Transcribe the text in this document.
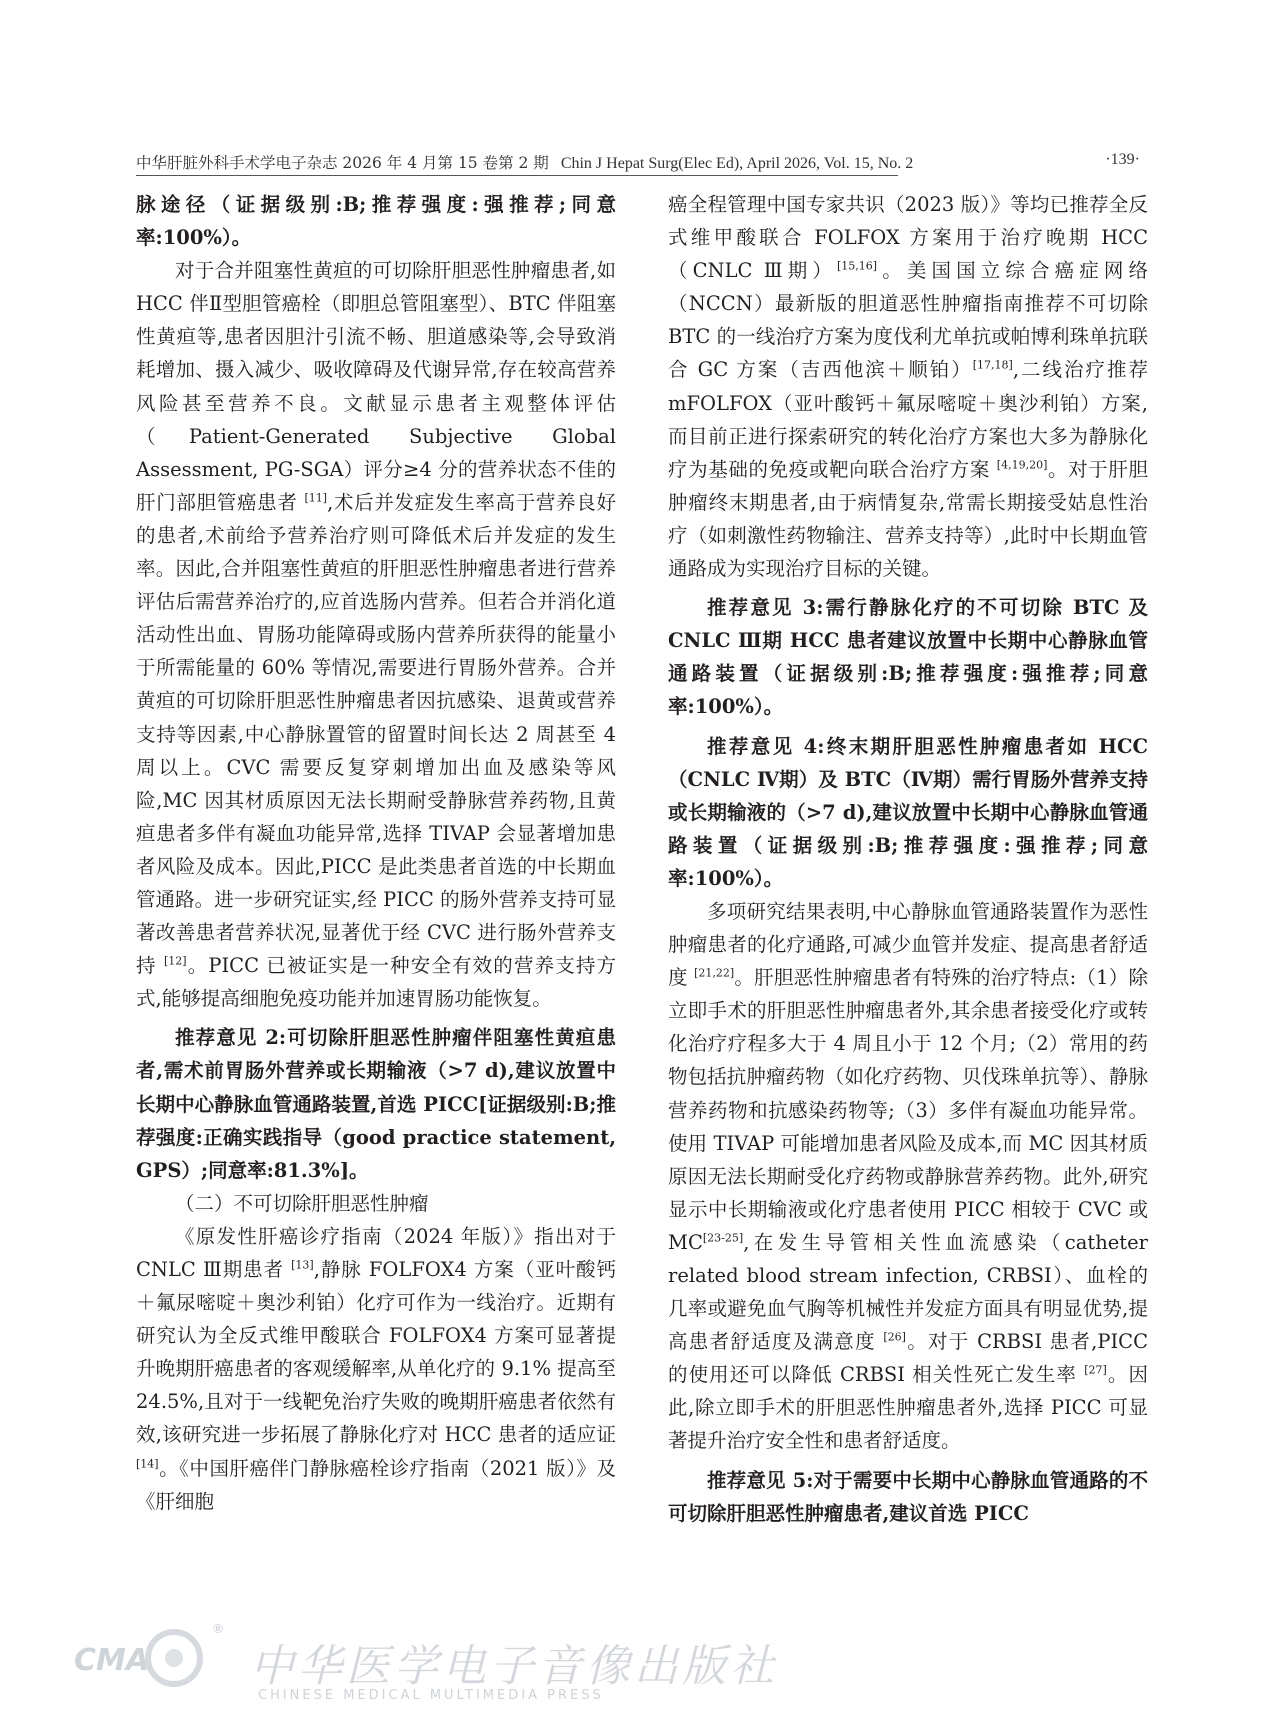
中华肝脏外科手术学电子杂志 2026 年 4 月第 15 卷第 2 期 Chin J Hepat Surg(Elec Ed), April 2026, Vol. 15, No. 2	·139·

脉途径（证据级别:B;推荐强度:强推荐;同意率:100%）。

对于合并阻塞性黄疸的可切除肝胆恶性肿瘤患者,如 HCC 伴Ⅱ型胆管癌栓（即胆总管阻塞型）、BTC 伴阻塞性黄疸等,患者因胆汁引流不畅、胆道感染等,会导致消耗增加、摄入减少、吸收障碍及代谢异常,存在较高营养风险甚至营养不良。文献显示患者主观整体评估（Patient-Generated Subjective Global Assessment, PG-SGA）评分≥4 分的营养状态不佳的肝门部胆管癌患者 [11],术后并发症发生率高于营养良好的患者,术前给予营养治疗则可降低术后并发症的发生率。因此,合并阻塞性黄疸的肝胆恶性肿瘤患者进行营养评估后需营养治疗的,应首选肠内营养。但若合并消化道活动性出血、胃肠功能障碍或肠内营养所获得的能量小于所需能量的 60% 等情况,需要进行胃肠外营养。合并黄疸的可切除肝胆恶性肿瘤患者因抗感染、退黄或营养支持等因素,中心静脉置管的留置时间长达 2 周甚至 4 周以上。CVC 需要反复穿刺增加出血及感染等风险,MC 因其材质原因无法长期耐受静脉营养药物,且黄疸患者多伴有凝血功能异常,选择 TIVAP 会显著增加患者风险及成本。因此,PICC 是此类患者首选的中长期血管通路。进一步研究证实,经 PICC 的肠外营养支持可显著改善患者营养状况,显著优于经 CVC 进行肠外营养支持 [12]。PICC 已被证实是一种安全有效的营养支持方式,能够提高细胞免疫功能并加速胃肠功能恢复。

推荐意见 2:可切除肝胆恶性肿瘤伴阻塞性黄疸患者,需术前胃肠外营养或长期输液（>7 d),建议放置中长期中心静脉血管通路装置,首选 PICC[证据级别:B;推荐强度:正确实践指导（good practice statement, GPS）;同意率:81.3%]。

（二）不可切除肝胆恶性肿瘤

《原发性肝癌诊疗指南（2024 年版）》指出对于 CNLC Ⅲ期患者 [13],静脉 FOLFOX4 方案（亚叶酸钙＋氟尿嘧啶＋奥沙利铂）化疗可作为一线治疗。近期有研究认为全反式维甲酸联合 FOLFOX4 方案可显著提升晚期肝癌患者的客观缓解率,从单化疗的 9.1% 提高至 24.5%,且对于一线靶免治疗失败的晚期肝癌患者依然有效,该研究进一步拓展了静脉化疗对 HCC 患者的适应证 [14]。《中国肝癌伴门静脉癌栓诊疗指南（2021 版）》及《肝细胞

癌全程管理中国专家共识（2023 版）》等均已推荐全反式维甲酸联合 FOLFOX 方案用于治疗晚期 HCC（CNLC Ⅲ期）[15,16]。美国国立综合癌症网络（NCCN）最新版的胆道恶性肿瘤指南推荐不可切除 BTC 的一线治疗方案为度伐利尤单抗或帕博利珠单抗联合 GC 方案（吉西他滨＋顺铂）[17,18],二线治疗推荐 mFOLFOX（亚叶酸钙＋氟尿嘧啶＋奥沙利铂）方案,而目前正进行探索研究的转化治疗方案也大多为静脉化疗为基础的免疫或靶向联合治疗方案 [4,19,20]。对于肝胆肿瘤终末期患者,由于病情复杂,常需长期接受姑息性治疗（如刺激性药物输注、营养支持等）,此时中长期血管通路成为实现治疗目标的关键。

推荐意见 3:需行静脉化疗的不可切除 BTC 及 CNLC Ⅲ期 HCC 患者建议放置中长期中心静脉血管通路装置（证据级别:B;推荐强度:强推荐;同意率:100%）。

推荐意见 4:终末期肝胆恶性肿瘤患者如 HCC（CNLC Ⅳ期）及 BTC（Ⅳ期）需行胃肠外营养支持或长期输液的（>7 d),建议放置中长期中心静脉血管通路装置（证据级别:B;推荐强度:强推荐;同意率:100%）。

多项研究结果表明,中心静脉血管通路装置作为恶性肿瘤患者的化疗通路,可减少血管并发症、提高患者舒适度 [21,22]。肝胆恶性肿瘤患者有特殊的治疗特点:（1）除立即手术的肝胆恶性肿瘤患者外,其余患者接受化疗或转化治疗疗程多大于 4 周且小于 12 个月;（2）常用的药物包括抗肿瘤药物（如化疗药物、贝伐珠单抗等）、静脉营养药物和抗感染药物等;（3）多伴有凝血功能异常。使用 TIVAP 可能增加患者风险及成本,而 MC 因其材质原因无法长期耐受化疗药物或静脉营养药物。此外,研究显示中长期输液或化疗患者使用 PICC 相较于 CVC 或 MC[23-25],在发生导管相关性血流感染（catheter related blood stream infection, CRBSI）、血栓的几率或避免血气胸等机械性并发症方面具有明显优势,提高患者舒适度及满意度 [26]。对于 CRBSI 患者,PICC 的使用还可以降低 CRBSI 相关性死亡发生率 [27]。因此,除立即手术的肝胆恶性肿瘤患者外,选择 PICC 可显著提升治疗安全性和患者舒适度。

推荐意见 5:对于需要中长期中心静脉血管通路的不可切除肝胆恶性肿瘤患者,建议首选 PICC

CMA
®
中华医学电子音像出版社
CHINESE MEDICAL MULTIMEDIA PRESS
